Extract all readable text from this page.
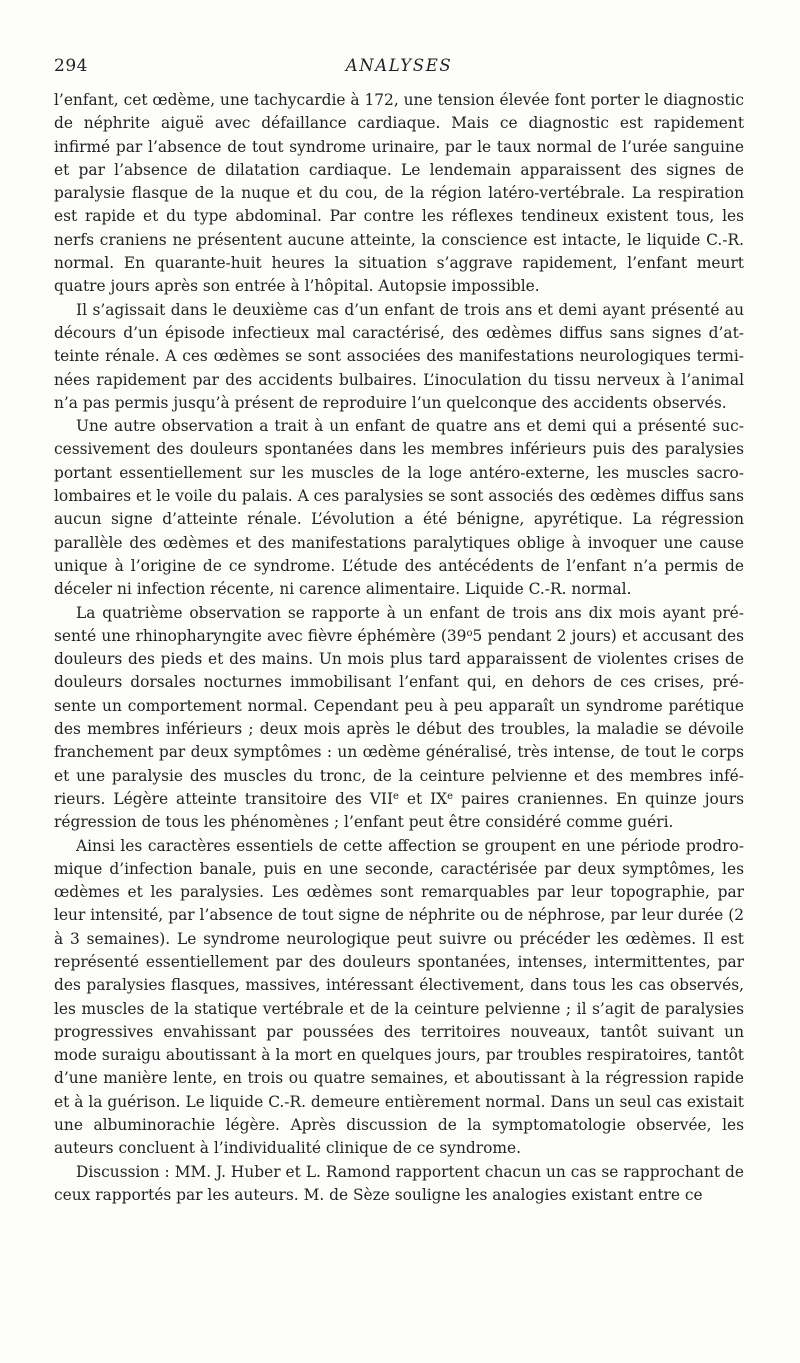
294	ANALYSES

l’enfant, cet œdème, une tachycardie à 172, une tension élevée font porter le diagnostic de néphrite aiguë avec défaillance cardiaque. Mais ce diagnostic est rapidement infirmé par l’absence de tout syndrome urinaire, par le taux normal de l’urée sanguine et par l’absence de dilatation cardiaque. Le lendemain apparaissent des signes de paralysie flasque de la nuque et du cou, de la région latéro-vertébrale. La respiration est rapide et du type abdominal. Par contre les réflexes tendineux existent tous, les nerfs craniens ne présentent aucune atteinte, la conscience est intacte, le liquide C.-R. normal. En quarante-huit heures la situation s’aggrave rapidement, l’enfant meurt quatre jours après son entrée à l’hôpital. Autopsie impossible.

Il s’agissait dans le deuxième cas d’un enfant de trois ans et demi ayant présenté au décours d’un épisode infectieux mal caractérisé, des œdèmes diffus sans signes d’atteinte rénale. A ces œdèmes se sont associées des manifestations neurologiques terminées rapidement par des accidents bulbaires. L’inoculation du tissu nerveux à l’animal n’a pas permis jusqu’à présent de reproduire l’un quelconque des accidents observés.

Une autre observation a trait à un enfant de quatre ans et demi qui a présenté successivement des douleurs spontanées dans les membres inférieurs puis des paralysies portant essentiellement sur les muscles de la loge antéro-externe, les muscles sacrolombaires et le voile du palais. A ces paralysies se sont associés des œdèmes diffus sans aucun signe d’atteinte rénale. L’évolution a été bénigne, apyrétique. La régression parallèle des œdèmes et des manifestations paralytiques oblige à invoquer une cause unique à l’origine de ce syndrome. L’étude des antécédents de l’enfant n’a permis de déceler ni infection récente, ni carence alimentaire. Liquide C.-R. normal.

La quatrième observation se rapporte à un enfant de trois ans dix mois ayant présenté une rhinopharyngite avec fièvre éphémère (39$^o$5 pendant 2 jours) et accusant des douleurs des pieds et des mains. Un mois plus tard apparaissent de violentes crises de douleurs dorsales nocturnes immobilisant l’enfant qui, en dehors de ces crises, présente un comportement normal. Cependant peu à peu apparaît un syndrome parétique des membres inférieurs ; deux mois après le début des troubles, la maladie se dévoile franchement par deux symptômes : un œdème généralisé, très intense, de tout le corps et une paralysie des muscles du tronc, de la ceinture pelvienne et des membres inférieurs. Légère atteinte transitoire des VIIe et IXe paires craniennes. En quinze jours régression de tous les phénomènes ; l’enfant peut être considéré comme guéri.

Ainsi les caractères essentiels de cette affection se groupent en une période prodromique d’infection banale, puis en une seconde, caractérisée par deux symptômes, les œdèmes et les paralysies. Les œdèmes sont remarquables par leur topographie, par leur intensité, par l’absence de tout signe de néphrite ou de néphrose, par leur durée (2 à 3 semaines). Le syndrome neurologique peut suivre ou précéder les œdèmes. Il est représenté essentiellement par des douleurs spontanées, intenses, intermittentes, par des paralysies flasques, massives, intéressant électivement, dans tous les cas observés, les muscles de la statique vertébrale et de la ceinture pelvienne ; il s’agit de paralysies progressives envahissant par poussées des territoires nouveaux, tantôt suivant un mode suraigu aboutissant à la mort en quelques jours, par troubles respiratoires, tantôt d’une manière lente, en trois ou quatre semaines, et aboutissant à la régression rapide et à la guérison. Le liquide C.-R. demeure entièrement normal. Dans un seul cas existait une albuminorachie légère. Après discussion de la symptomatologie observée, les auteurs concluent à l’individualité clinique de ce syndrome.

Discussion : MM. J. Huber et L. Ramond rapportent chacun un cas se rapprochant de ceux rapportés par les auteurs. M. de Sèze souligne les analogies existant entre ce
